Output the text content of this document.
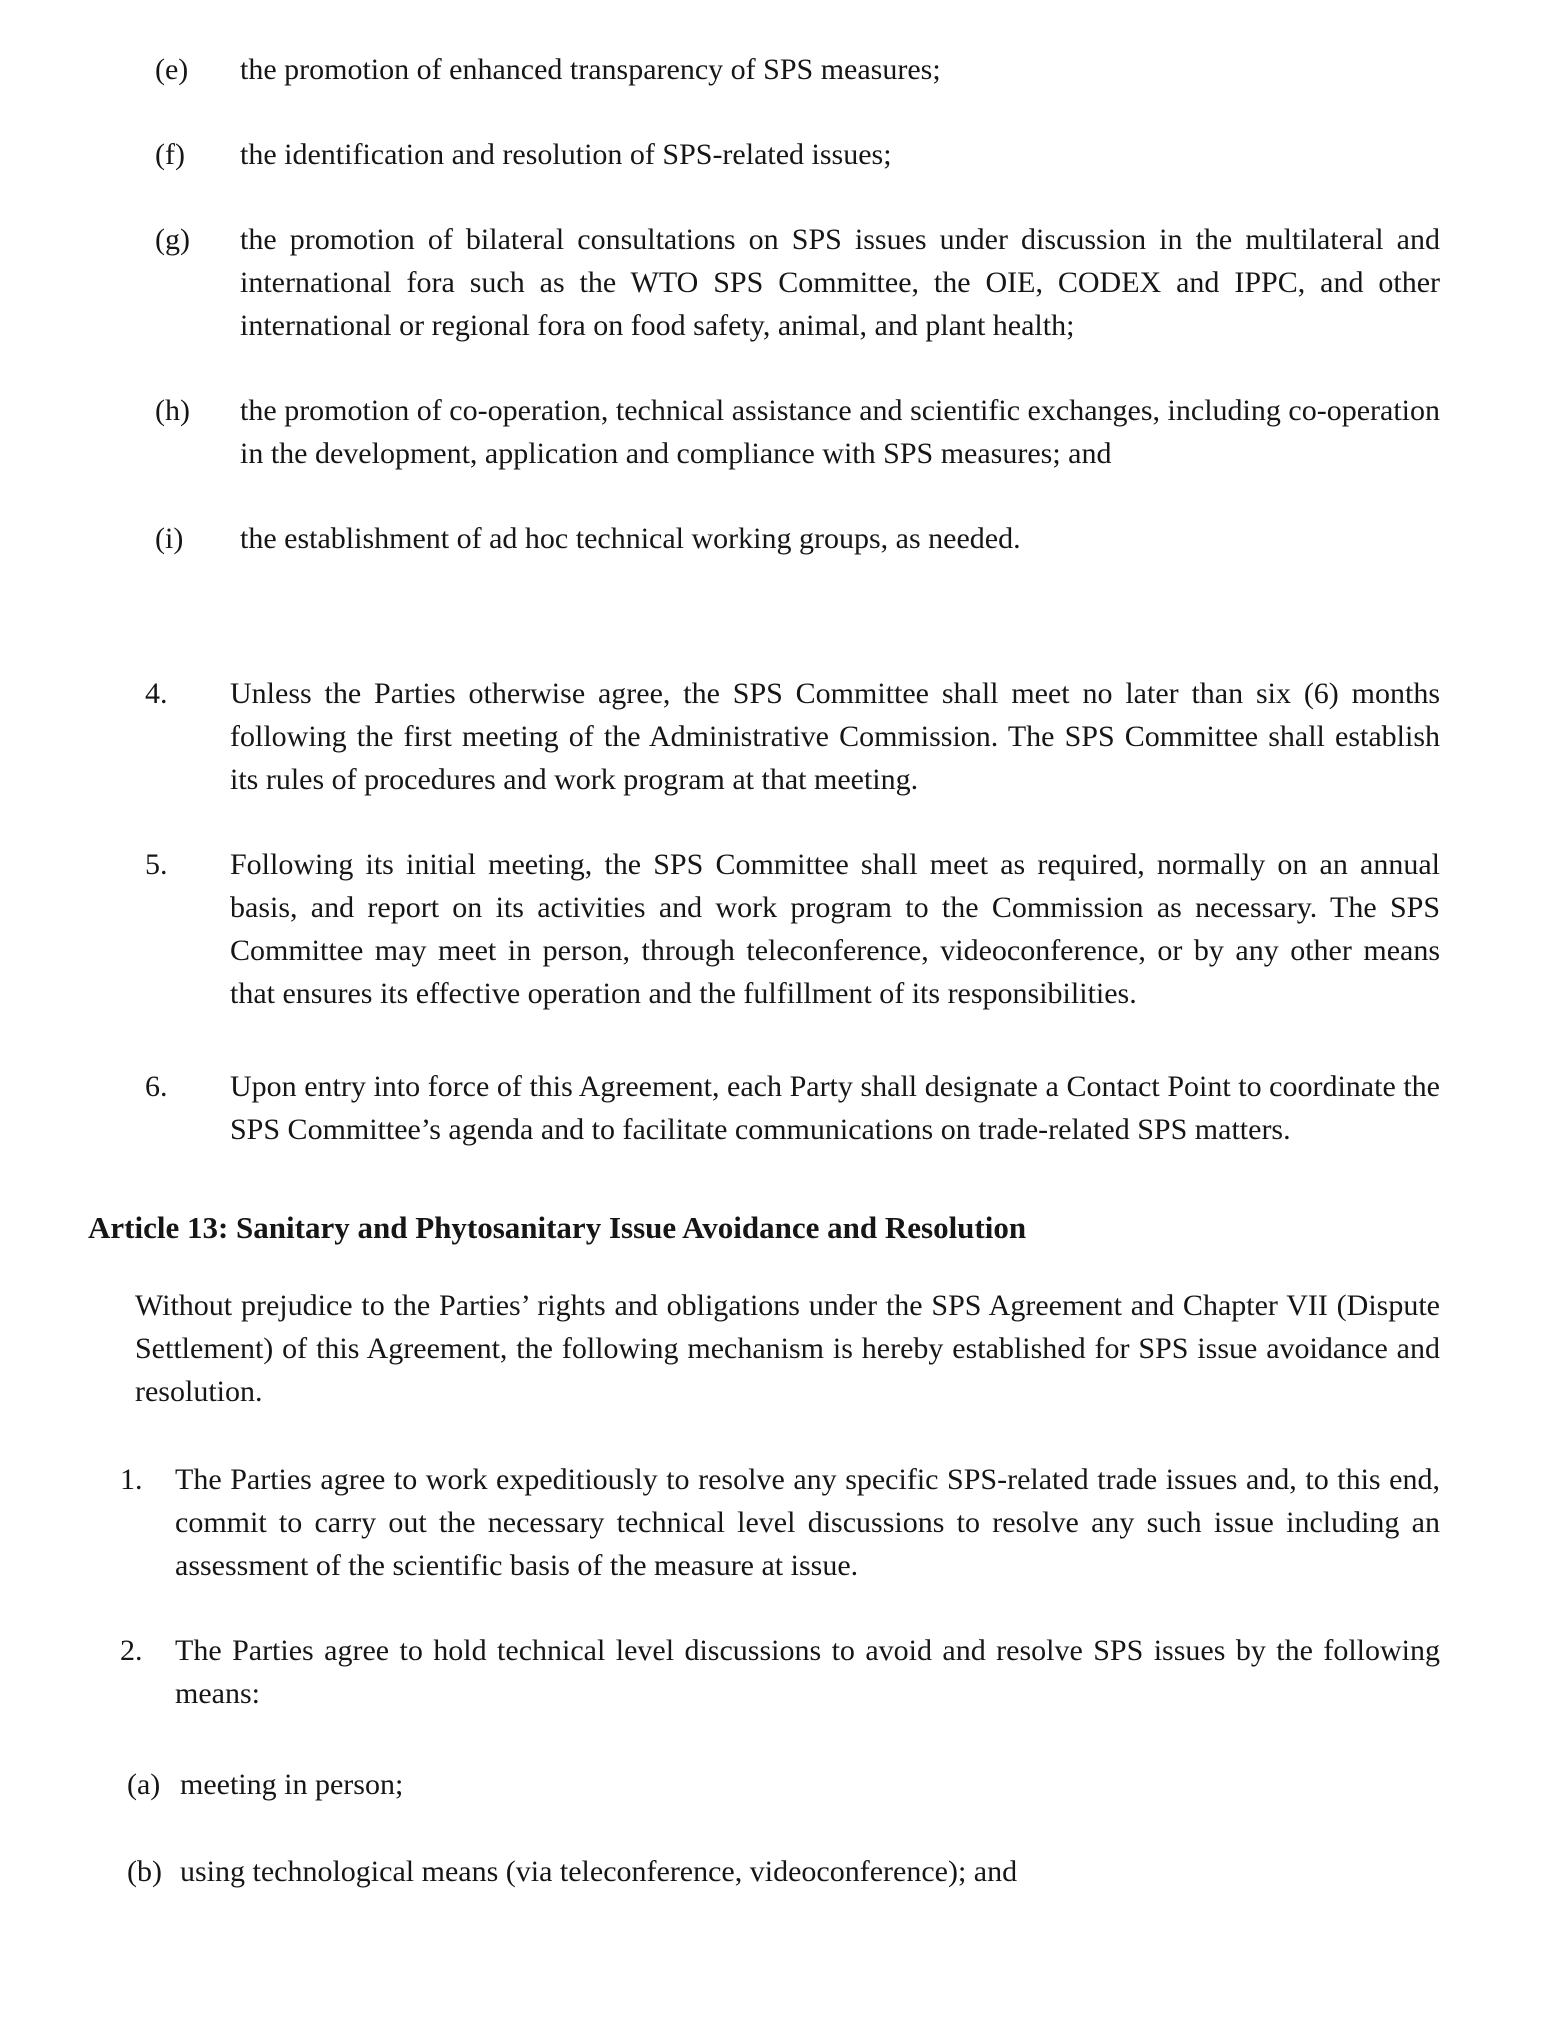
(e)	the promotion of enhanced transparency of SPS measures;
(f)	the identification and resolution of SPS-related issues;
(g)	the promotion of bilateral consultations on SPS issues under discussion in the multilateral and international fora such as the WTO SPS Committee, the OIE, CODEX and IPPC, and other international or regional fora on food safety, animal, and plant health;
(h)	the promotion of co-operation, technical assistance and scientific exchanges, including co-operation in the development, application and compliance with SPS measures; and
(i)	the establishment of ad hoc technical working groups, as needed.
4.	Unless the Parties otherwise agree, the SPS Committee shall meet no later than six (6) months following the first meeting of the Administrative Commission. The SPS Committee shall establish its rules of procedures and work program at that meeting.
5.	Following its initial meeting, the SPS Committee shall meet as required, normally on an annual basis, and report on its activities and work program to the Commission as necessary. The SPS Committee may meet in person, through teleconference, videoconference, or by any other means that ensures its effective operation and the fulfillment of its responsibilities.
6.	Upon entry into force of this Agreement, each Party shall designate a Contact Point to coordinate the SPS Committee’s agenda and to facilitate communications on trade-related SPS matters.
Article 13: Sanitary and Phytosanitary Issue Avoidance and Resolution
Without prejudice to the Parties’ rights and obligations under the SPS Agreement and Chapter VII (Dispute Settlement) of this Agreement, the following mechanism is hereby established for SPS issue avoidance and resolution.
1.	The Parties agree to work expeditiously to resolve any specific SPS-related trade issues and, to this end, commit to carry out the necessary technical level discussions to resolve any such issue including an assessment of the scientific basis of the measure at issue.
2.	The Parties agree to hold technical level discussions to avoid and resolve SPS issues by the following means:
(a) meeting in person;
(b) using technological means (via teleconference, videoconference); and
